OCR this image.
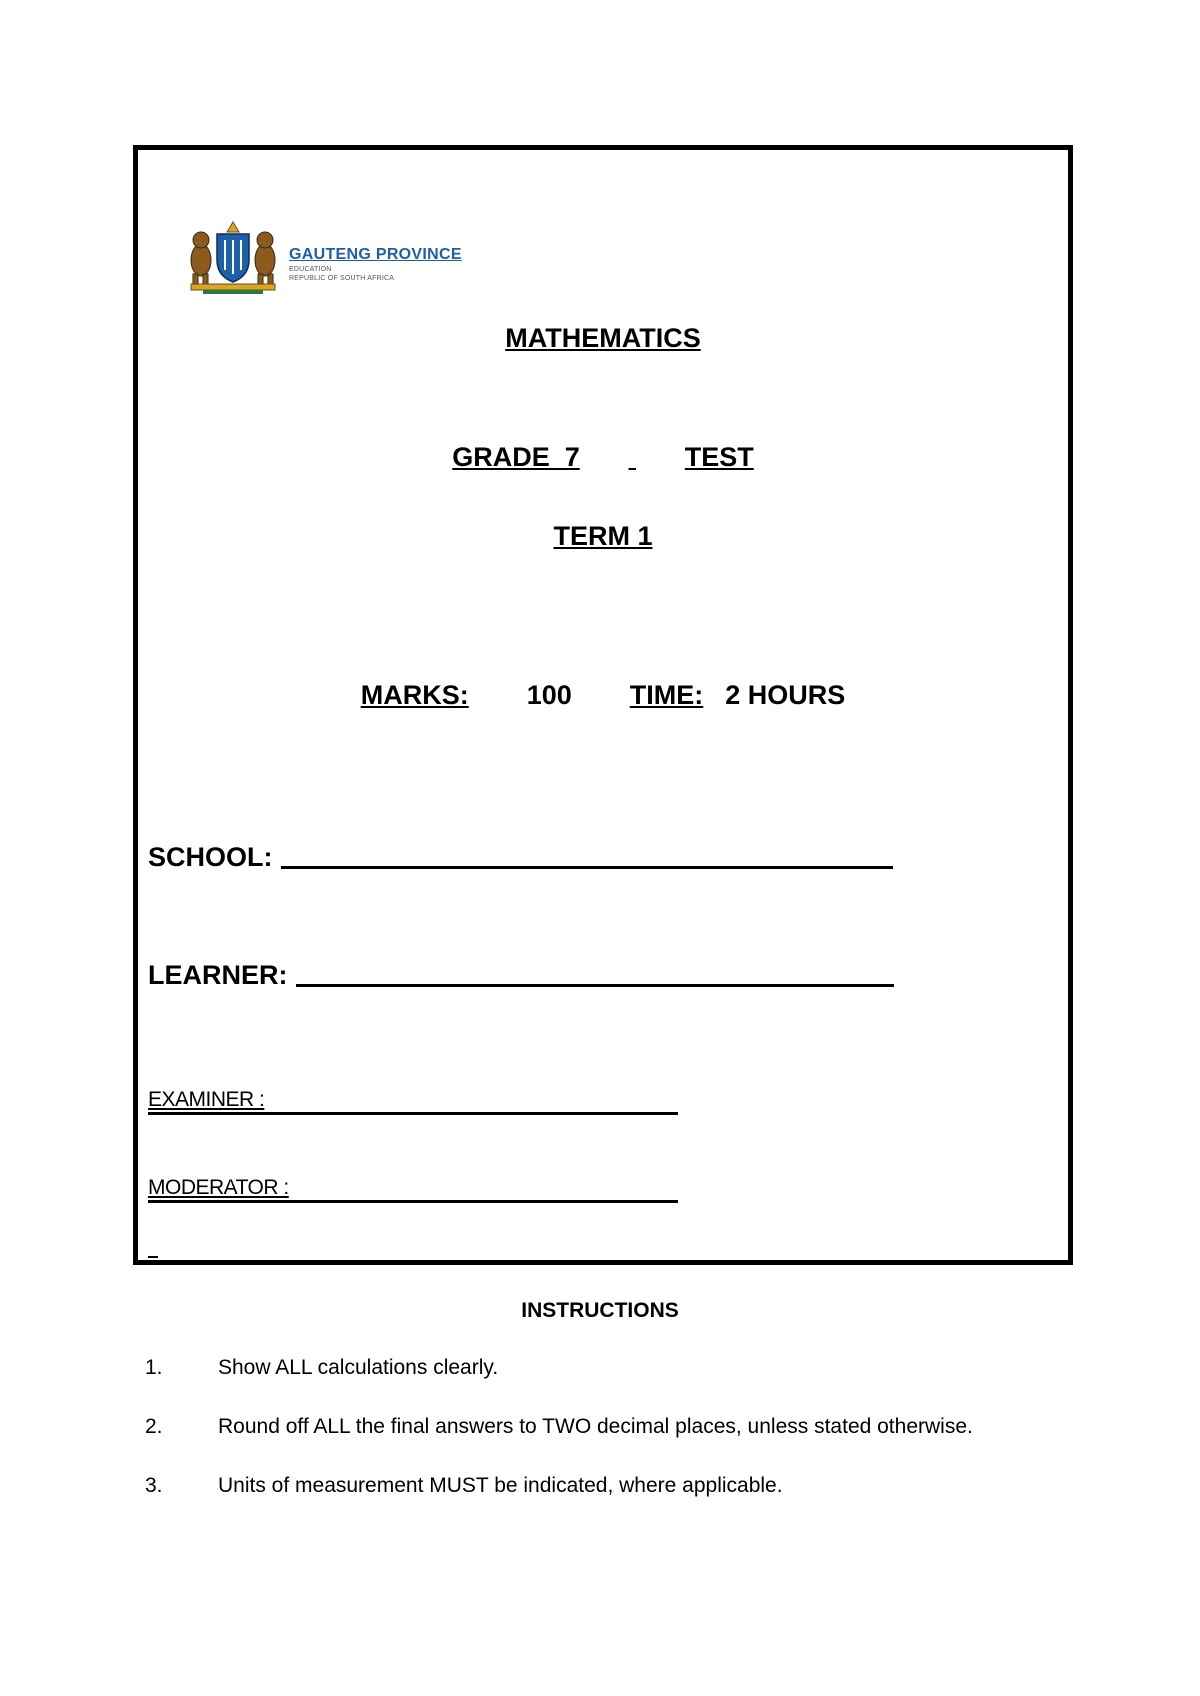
GAUTENG PROVINCE
EDUCATION
REPUBLIC OF SOUTH AFRICA
MATHEMATICS
GRADE  7	TEST
TERM 1
MARKS: 100 TIME: 2 HOURS
SCHOOL:
LEARNER:
EXAMINER :
MODERATOR :
INSTRUCTIONS
1.	Show ALL calculations clearly.
2.	Round off ALL the final answers to TWO decimal places, unless stated otherwise.
3.	Units of measurement MUST be indicated, where applicable.
